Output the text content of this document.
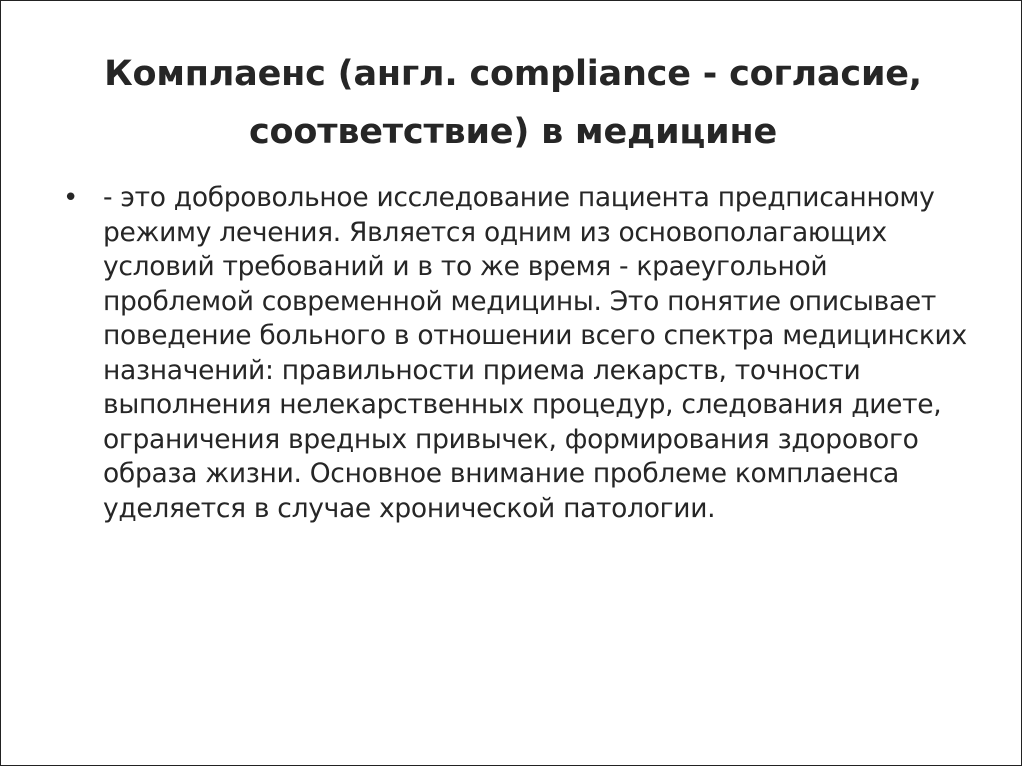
Комплаенс (англ. compliance - согласие, соответствие) в медицине
• - это добровольное исследование пациента предписанному режиму лечения. Является одним из основополагающих условий требований и в то же время - краеугольной проблемой современной медицины. Это понятие описывает поведение больного в отношении всего спектра медицинских назначений: правильности приема лекарств, точности выполнения нелекарственных процедур, следования диете, ограничения вредных привычек, формирования здорового образа жизни. Основное внимание проблеме комплаенса уделяется в случае хронической патологии.
